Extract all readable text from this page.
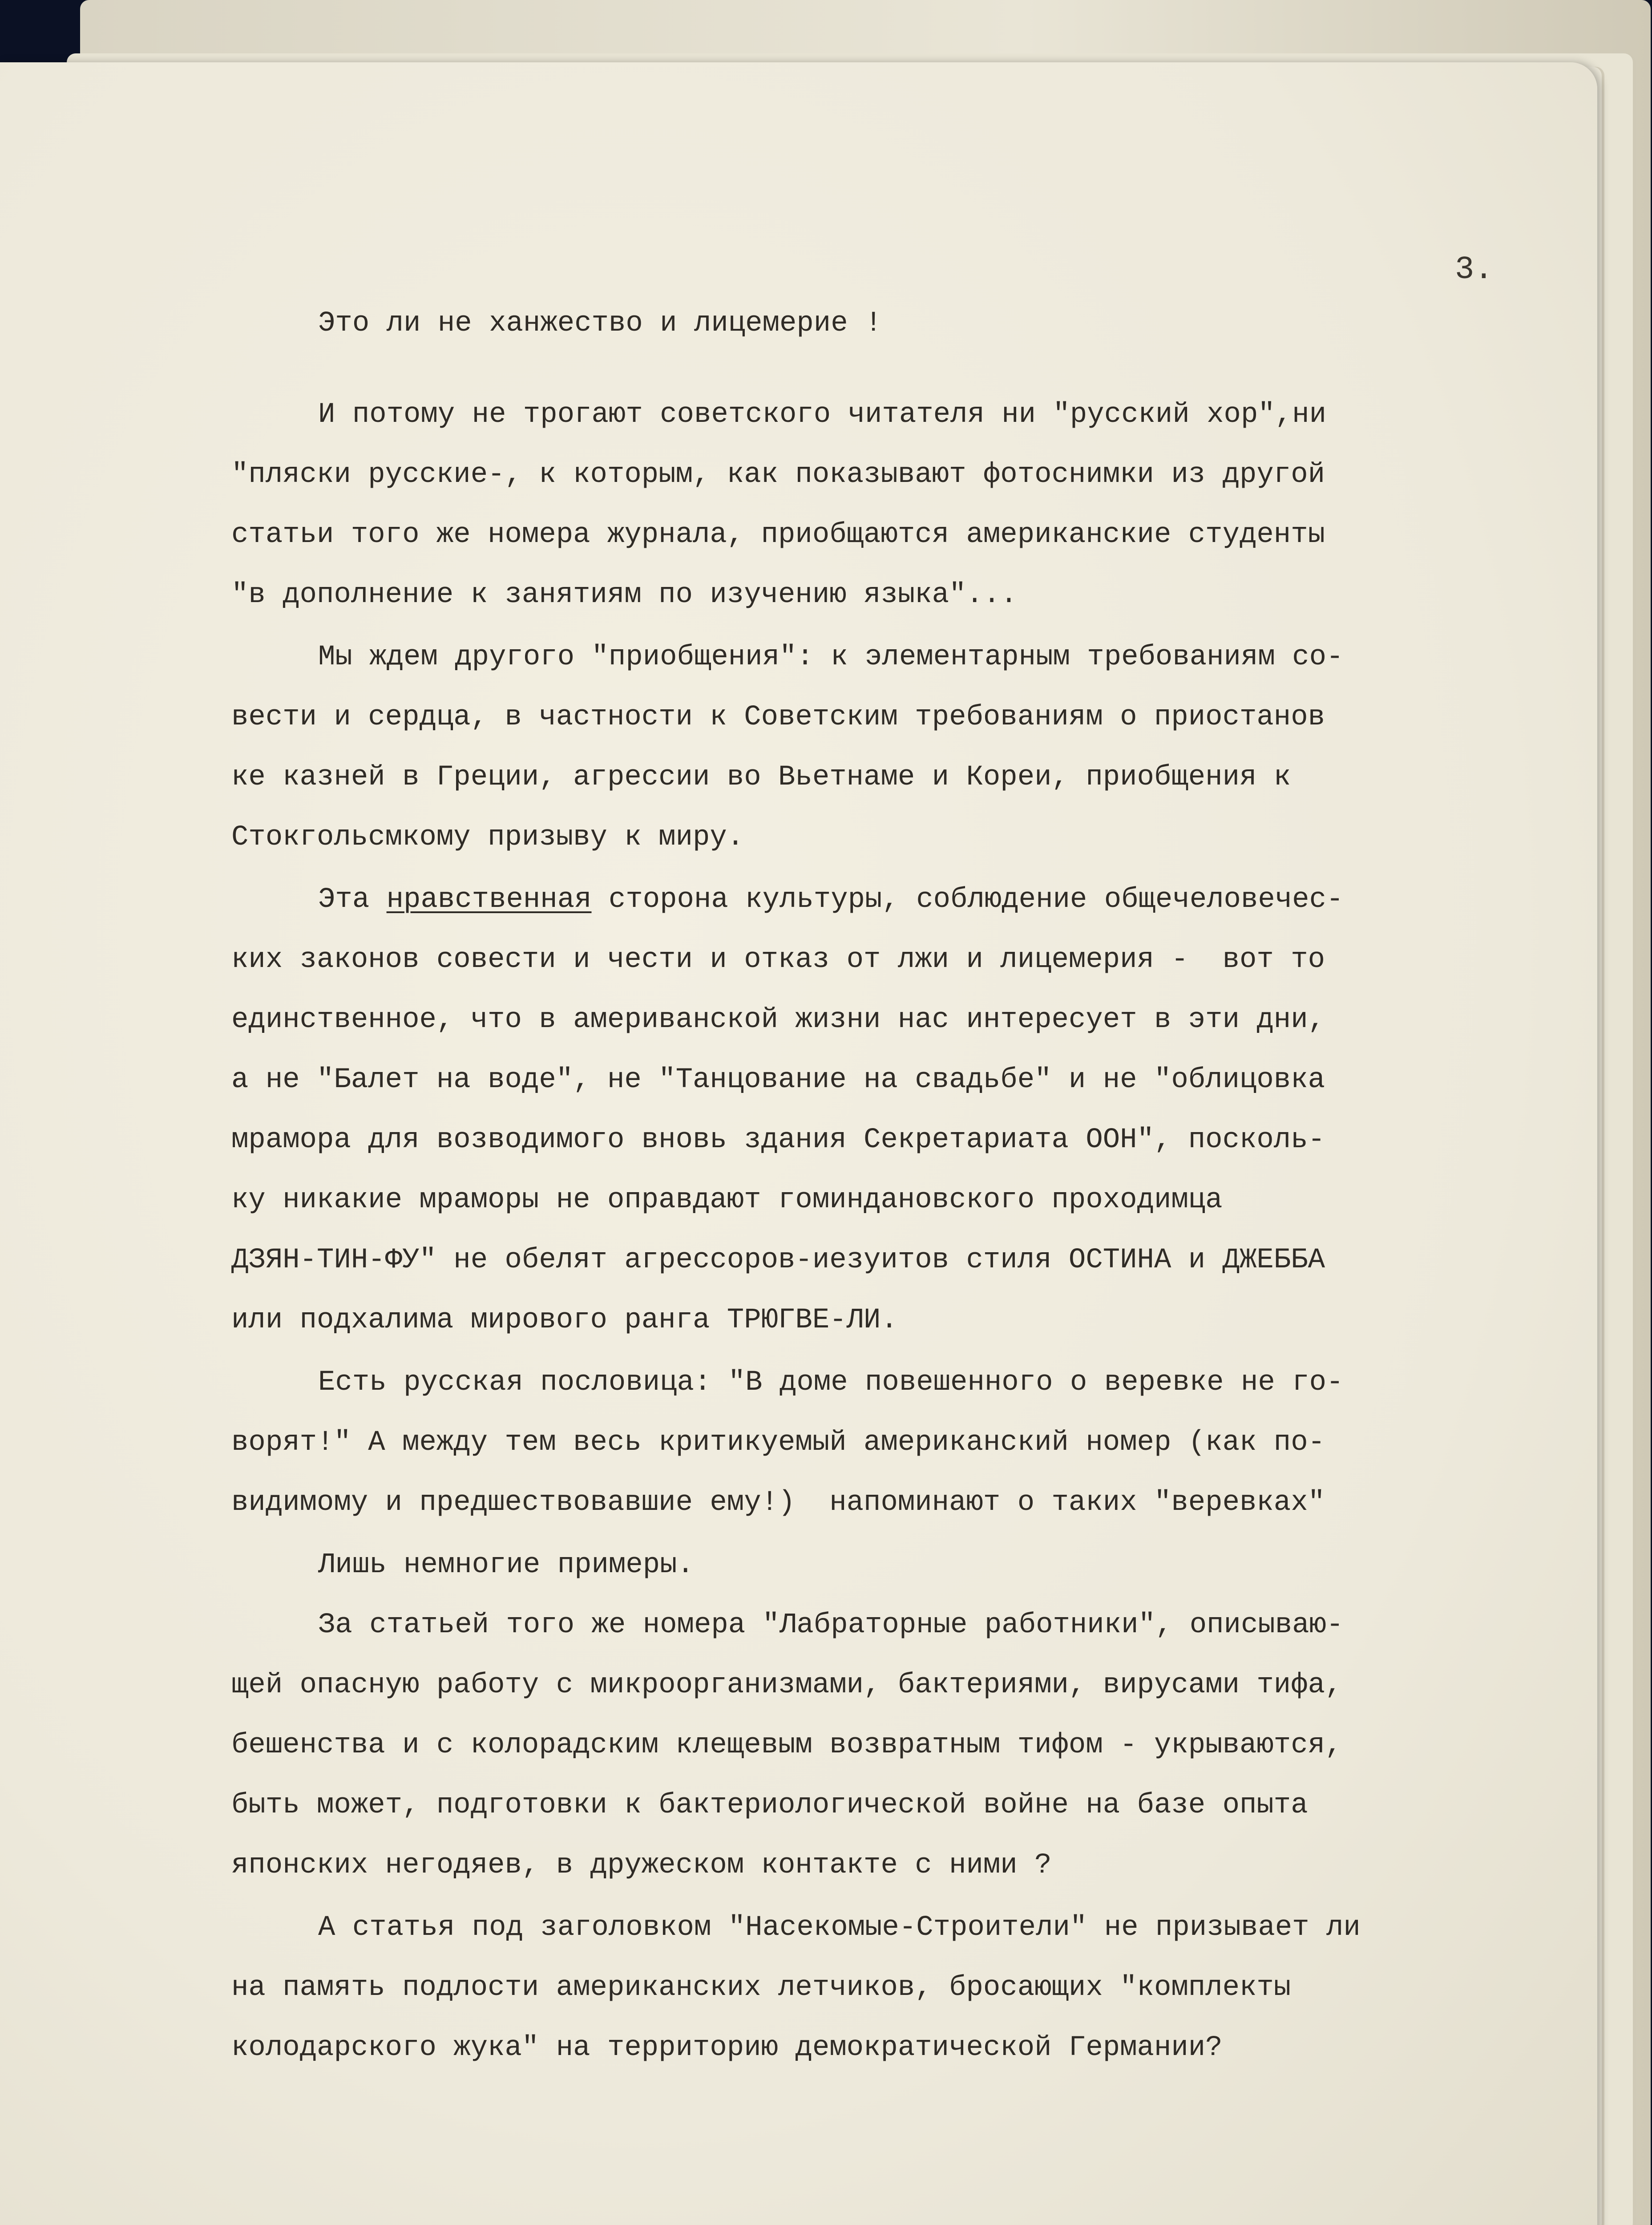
3.

Это ли не ханжество и лицемерие !

И потому не трогают советского читателя ни "русский хор",ни

"пляски русские-, к которым, как показывают фотоснимки из другой

статьи того же номера журнала, приобщаются американские студенты

"в дополнение к занятиям по изучению языка"...

Мы ждем другого "приобщения": к элементарным требованиям со-

вести и сердца, в частности к Советским требованиям о приостанов

ке казней в Греции, агрессии во Вьетнаме и Кореи, приобщения к

Стокгольсмкому призыву к миру.

Эта нравственная сторона культуры, соблюдение общечеловечес-

ких законов совести и чести и отказ от лжи и лицемерия -  вот то

единственное, что в америванской жизни нас интересует в эти дни,

а не "Балет на воде", не "Танцование на свадьбе" и не "облицовка

мрамора для возводимого вновь здания Секретариата ООН", посколь-

ку никакие мраморы не оправдают гоминдановского проходимца

ДЗЯН-ТИН-ФУ" не обелят агрессоров-иезуитов стиля ОСТИНА и ДЖЕББА

или подхалима мирового ранга ТРЮГВЕ-ЛИ.

Есть русская пословица: "В доме повешенного о веревке не го-

ворят!" А между тем весь критикуемый американский номер (как по-

видимому и предшествовавшие ему!)  напоминают о таких "веревках"

Лишь немногие примеры.

За статьей того же номера "Лабраторные работники", описываю-

щей опасную работу с микроорганизмами, бактериями, вирусами тифа,

бешенства и с колорадским клещевым возвратным тифом - укрываются,

быть может, подготовки к бактериологической войне на базе опыта

японских негодяев, в дружеском контакте с ними ?

А статья под заголовком "Насекомые-Строители" не призывает ли

на память подлости американских летчиков, бросающих "комплекты

колодарского жука" на территорию демократической Германии?
